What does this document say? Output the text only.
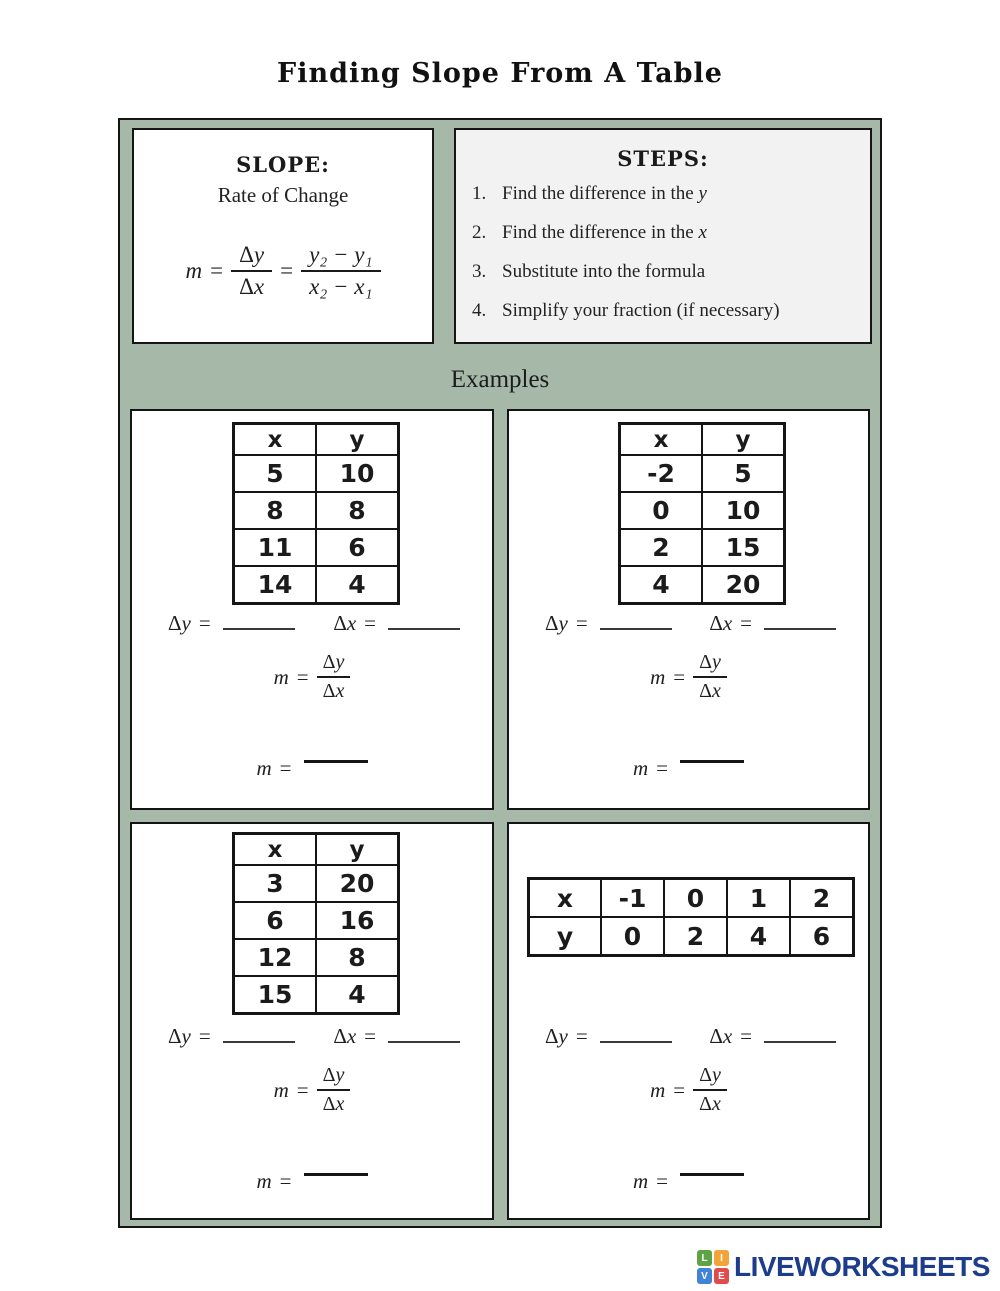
Finding Slope From A Table
SLOPE:
Rate of Change
$m = \frac{\Delta y}{\Delta x} = \frac{\text{y₂ − y₁}}{\text{x₂ − x₁}}$
STEPS:
1. Find the difference in the y
2. Find the difference in the x
3. Substitute into the formula
4. Simplify your fraction (if necessary)
Examples
x	y
5	10
8	8
11	6
14	4
Δy =	Δx =
$m = \frac{\Delta y}{\Delta x}$
m =
x	y
-2	5
0	10
2	15
4	20
Δy =	Δx =
$m = \frac{\Delta y}{\Delta x}$
m =
x	y
3	20
6	16
12	8
15	4
Δy =	Δx =
$m = \frac{\Delta y}{\Delta x}$
m =
x	-1	0	1	2
y	0	2	4	6
Δy =	Δx =
$m = \frac{\Delta y}{\Delta x}$
m =
L	I
V	E LIVEWORKSHEETS
